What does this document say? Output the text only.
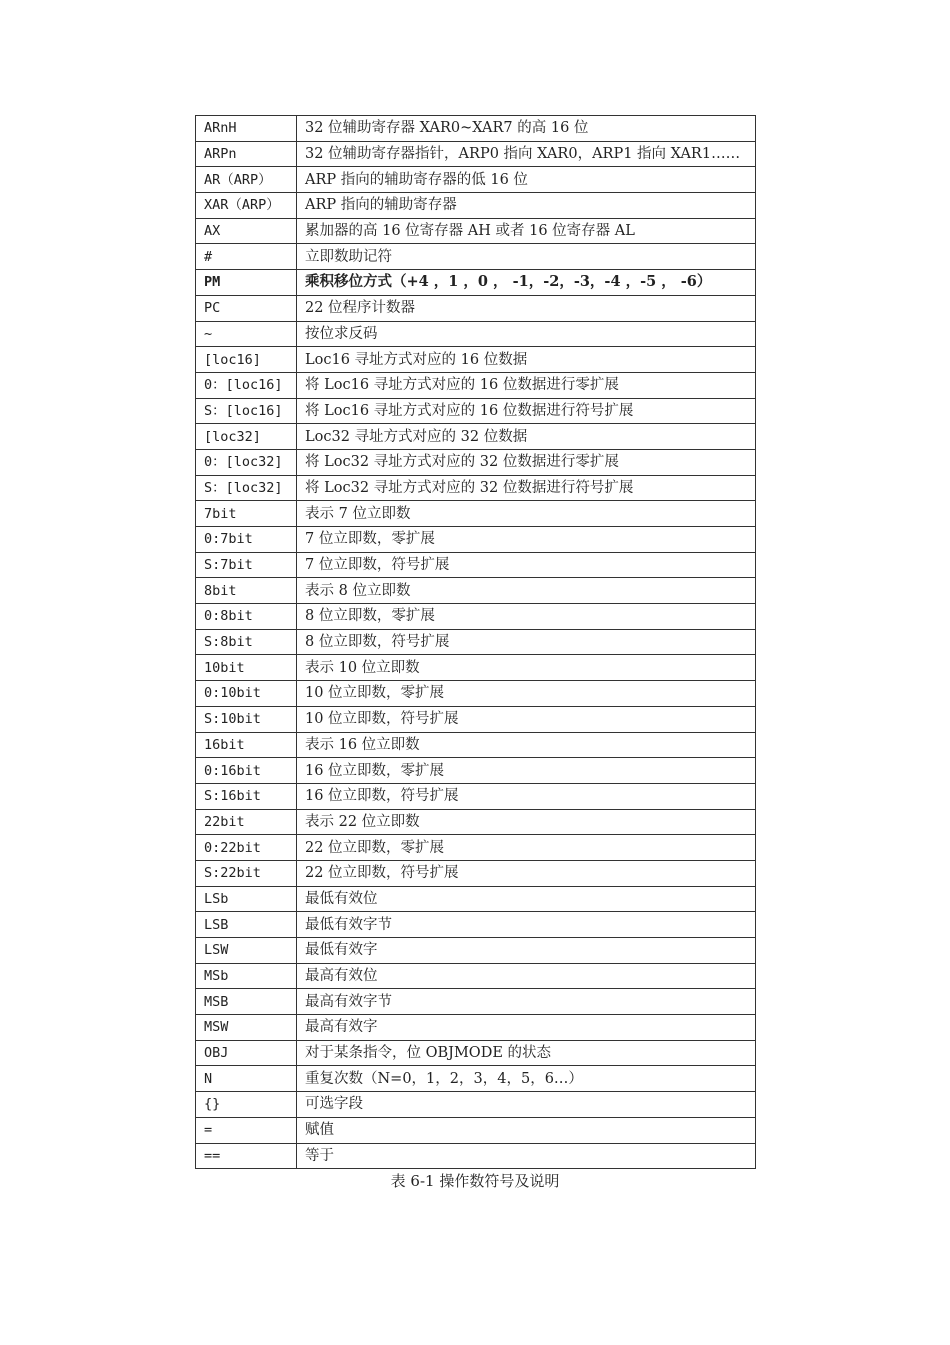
ARnH	32 位辅助寄存器 XAR0~XAR7 的高 16 位
ARPn	32 位辅助寄存器指针，ARP0 指向 XAR0，ARP1 指向 XAR1……
AR（ARP）	ARP 指向的辅助寄存器的低 16 位
XAR（ARP）	ARP 指向的辅助寄存器
AX	累加器的高 16 位寄存器 AH 或者 16 位寄存器 AL
#	立即数助记符
PM	乘积移位方式（+4 ，1 ，0 ， -1，-2，-3，-4 ，-5 ， -6）
PC	22 位程序计数器
~	按位求反码
[loc16]	Loc16 寻址方式对应的 16 位数据
0：[loc16]	将 Loc16 寻址方式对应的 16 位数据进行零扩展
S：[loc16]	将 Loc16 寻址方式对应的 16 位数据进行符号扩展
[loc32]	Loc32 寻址方式对应的 32 位数据
0：[loc32]	将 Loc32 寻址方式对应的 32 位数据进行零扩展
S：[loc32]	将 Loc32 寻址方式对应的 32 位数据进行符号扩展
7bit	表示 7 位立即数
0:7bit	7 位立即数，零扩展
S:7bit	7 位立即数，符号扩展
8bit	表示 8 位立即数
0:8bit	8 位立即数，零扩展
S:8bit	8 位立即数，符号扩展
10bit	表示 10 位立即数
0:10bit	10 位立即数，零扩展
S:10bit	10 位立即数，符号扩展
16bit	表示 16 位立即数
0:16bit	16 位立即数，零扩展
S:16bit	16 位立即数，符号扩展
22bit	表示 22 位立即数
0:22bit	22 位立即数，零扩展
S:22bit	22 位立即数，符号扩展
LSb	最低有效位
LSB	最低有效字节
LSW	最低有效字
MSb	最高有效位
MSB	最高有效字节
MSW	最高有效字
OBJ	对于某条指令，位 OBJMODE 的状态
N	重复次数（N=0，1，2，3，4，5，6…）
{}	可选字段
=	赋值
==	等于
表 6-1 操作数符号及说明
